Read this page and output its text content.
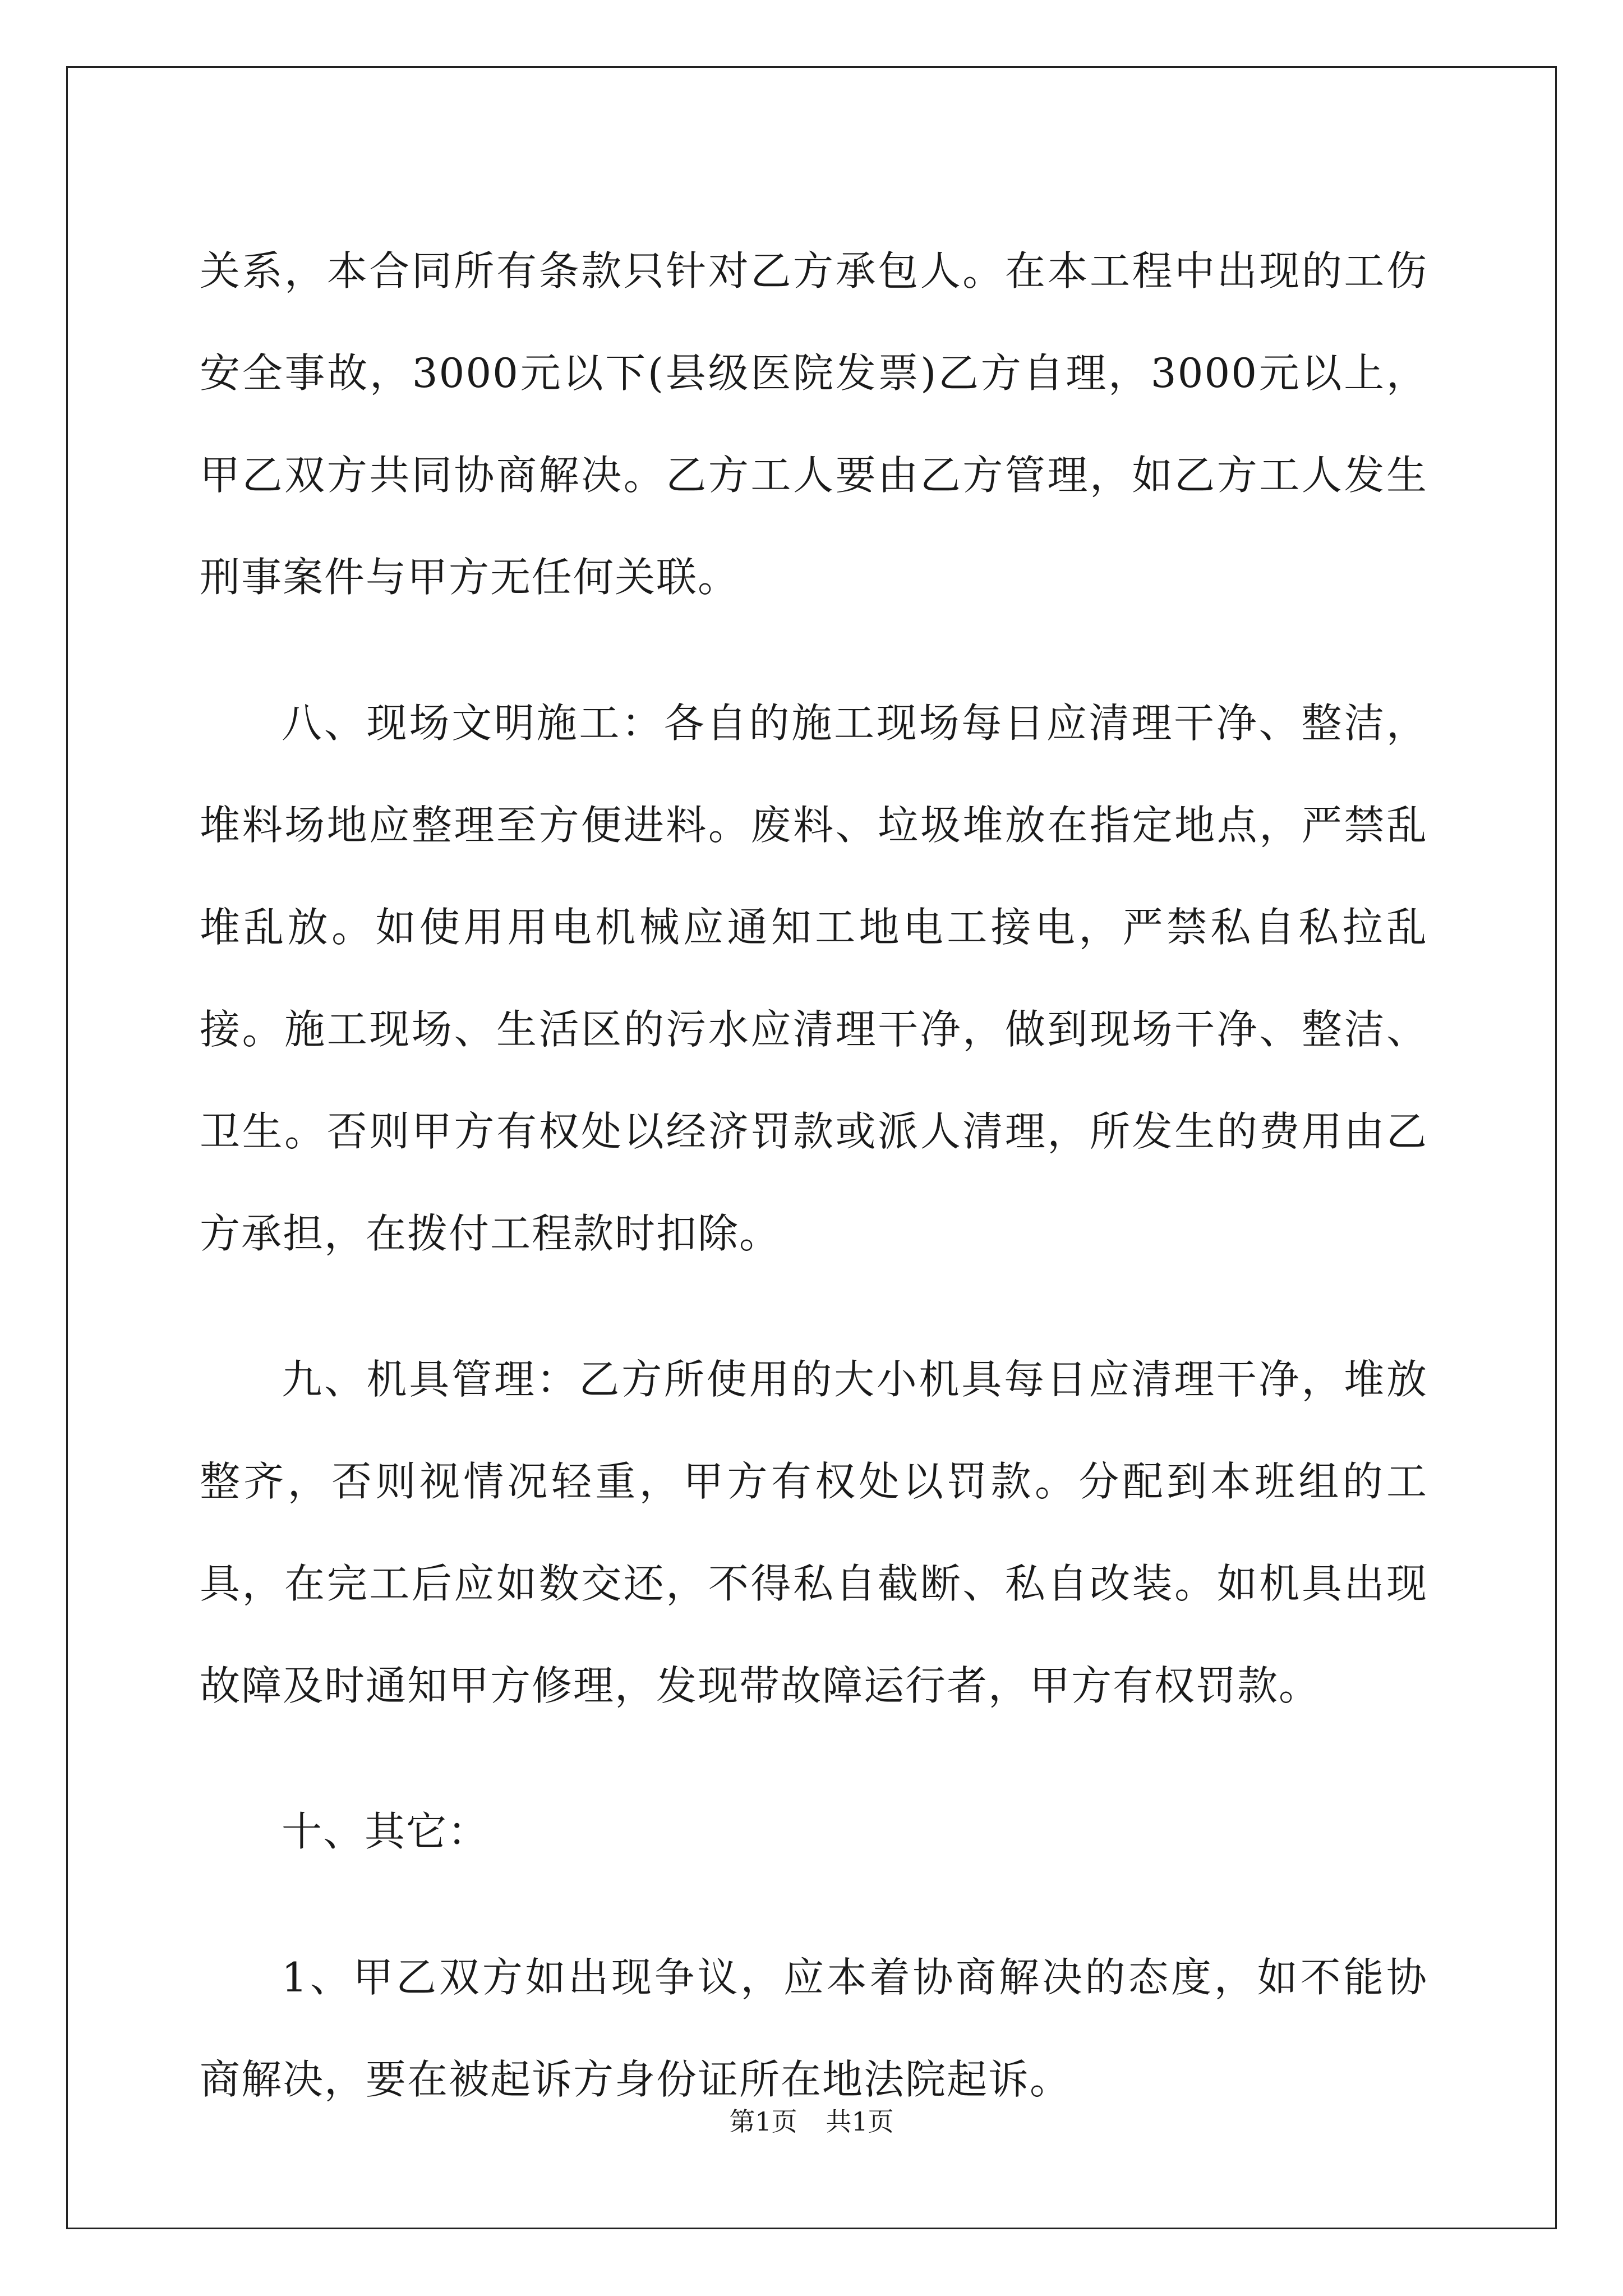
关系，本合同所有条款只针对乙方承包人。在本工程中出现的工伤安全事故，3000元以下(县级医院发票)乙方自理，3000元以上，甲乙双方共同协商解决。乙方工人要由乙方管理，如乙方工人发生刑事案件与甲方无任何关联。

八、现场文明施工：各自的施工现场每日应清理干净、整洁，堆料场地应整理至方便进料。废料、垃圾堆放在指定地点，严禁乱堆乱放。如使用用电机械应通知工地电工接电，严禁私自私拉乱接。施工现场、生活区的污水应清理干净，做到现场干净、整洁、卫生。否则甲方有权处以经济罚款或派人清理，所发生的费用由乙方承担，在拨付工程款时扣除。

九、机具管理：乙方所使用的大小机具每日应清理干净，堆放整齐，否则视情况轻重，甲方有权处以罚款。分配到本班组的工具，在完工后应如数交还，不得私自截断、私自改装。如机具出现故障及时通知甲方修理，发现带故障运行者，甲方有权罚款。

十、其它：

1、甲乙双方如出现争议，应本着协商解决的态度，如不能协商解决，要在被起诉方身份证所在地法院起诉。

第1页 共1页
